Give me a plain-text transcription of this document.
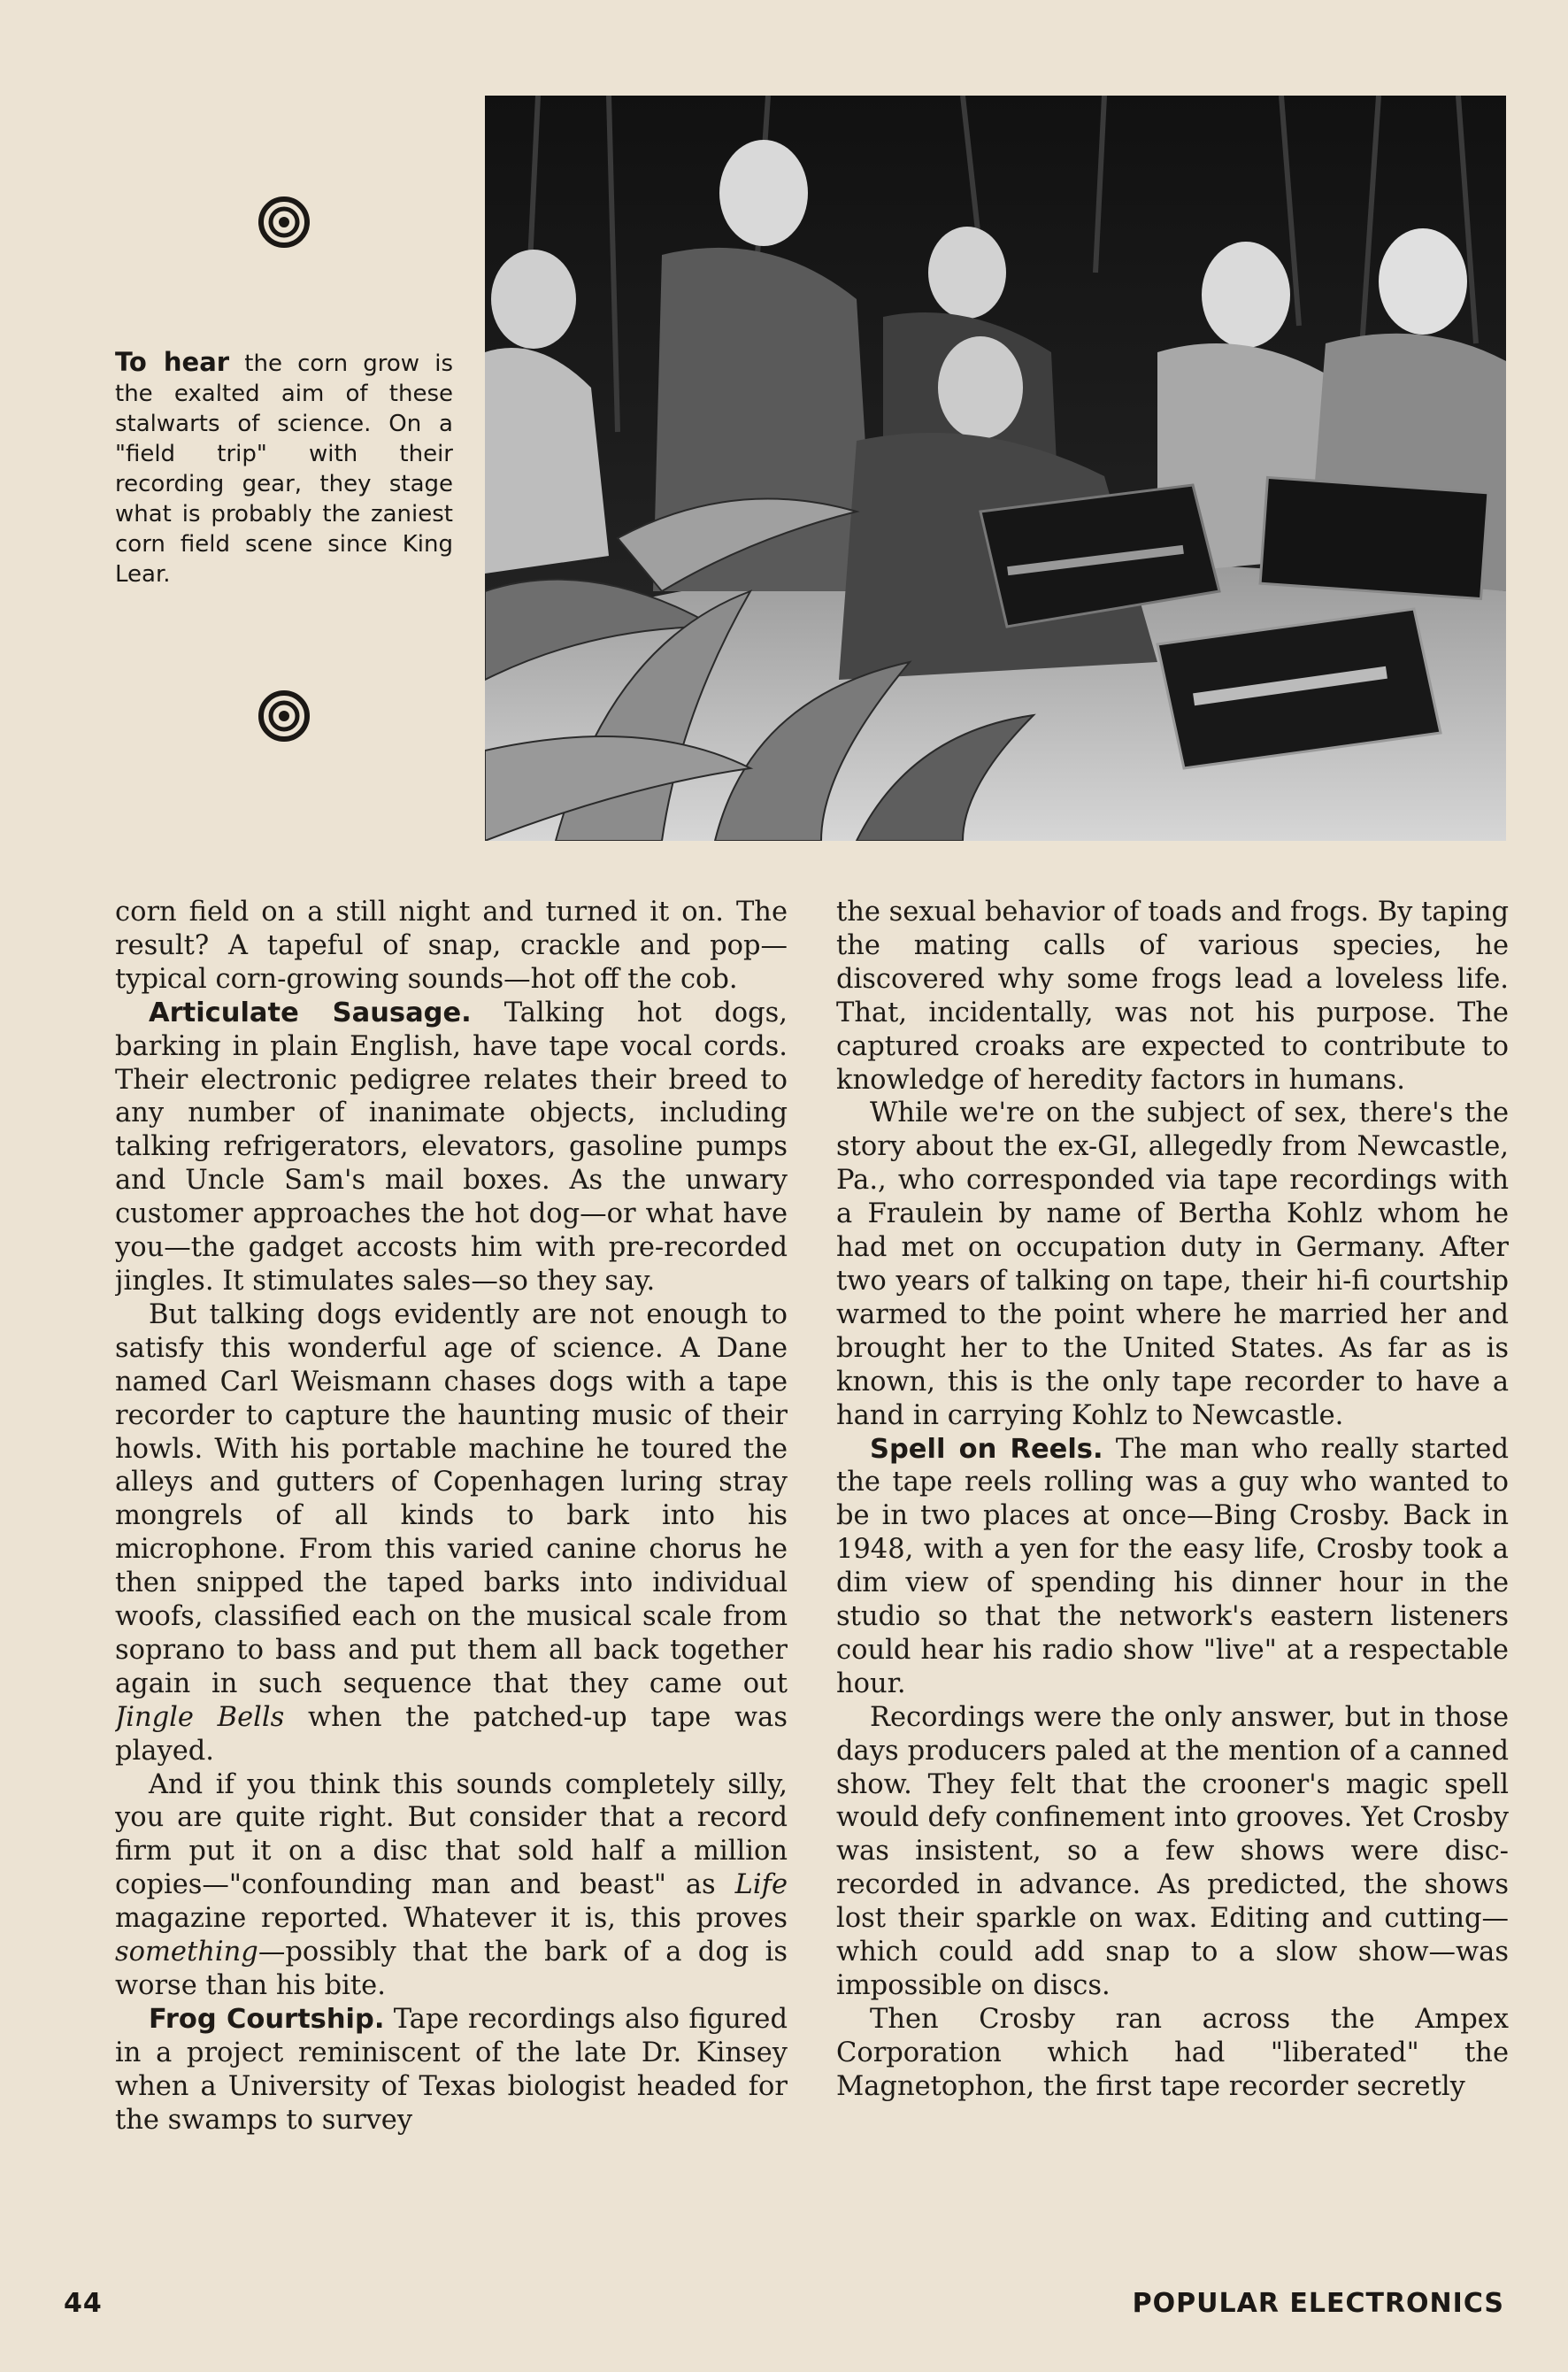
To hear the corn grow is the exalted aim of these stalwarts of science. On a "field trip" with their recording gear, they stage what is probably the zaniest corn field scene since King Lear.

corn field on a still night and turned it on. The result? A tapeful of snap, crackle and pop—typical corn-growing sounds—hot off the cob.

Articulate Sausage. Talking hot dogs, barking in plain English, have tape vocal cords. Their electronic pedigree relates their breed to any number of inanimate objects, including talking refrigerators, elevators, gasoline pumps and Uncle Sam's mail boxes. As the unwary customer approaches the hot dog—or what have you—the gadget accosts him with pre-recorded jingles. It stimulates sales—so they say.

But talking dogs evidently are not enough to satisfy this wonderful age of science. A Dane named Carl Weismann chases dogs with a tape recorder to capture the haunting music of their howls. With his portable machine he toured the alleys and gutters of Copenhagen luring stray mongrels of all kinds to bark into his microphone. From this varied canine chorus he then snipped the taped barks into individual woofs, classified each on the musical scale from soprano to bass and put them all back together again in such sequence that they came out Jingle Bells when the patched-up tape was played.

And if you think this sounds completely silly, you are quite right. But consider that a record firm put it on a disc that sold half a million copies—"confounding man and beast" as Life magazine reported. Whatever it is, this proves something—possibly that the bark of a dog is worse than his bite.

Frog Courtship. Tape recordings also figured in a project reminiscent of the late Dr. Kinsey when a University of Texas biologist headed for the swamps to survey

the sexual behavior of toads and frogs. By taping the mating calls of various species, he discovered why some frogs lead a loveless life. That, incidentally, was not his purpose. The captured croaks are expected to contribute to knowledge of heredity factors in humans.

While we're on the subject of sex, there's the story about the ex-GI, allegedly from Newcastle, Pa., who corresponded via tape recordings with a Fraulein by name of Bertha Kohlz whom he had met on occupation duty in Germany. After two years of talking on tape, their hi-fi courtship warmed to the point where he married her and brought her to the United States. As far as is known, this is the only tape recorder to have a hand in carrying Kohlz to Newcastle.

Spell on Reels. The man who really started the tape reels rolling was a guy who wanted to be in two places at once—Bing Crosby. Back in 1948, with a yen for the easy life, Crosby took a dim view of spending his dinner hour in the studio so that the network's eastern listeners could hear his radio show "live" at a respectable hour.

Recordings were the only answer, but in those days producers paled at the mention of a canned show. They felt that the crooner's magic spell would defy confinement into grooves. Yet Crosby was insistent, so a few shows were disc-recorded in advance. As predicted, the shows lost their sparkle on wax. Editing and cutting—which could add snap to a slow show—was impossible on discs.

Then Crosby ran across the Ampex Corporation which had "liberated" the Magnetophon, the first tape recorder secretly

44	POPULAR ELECTRONICS
